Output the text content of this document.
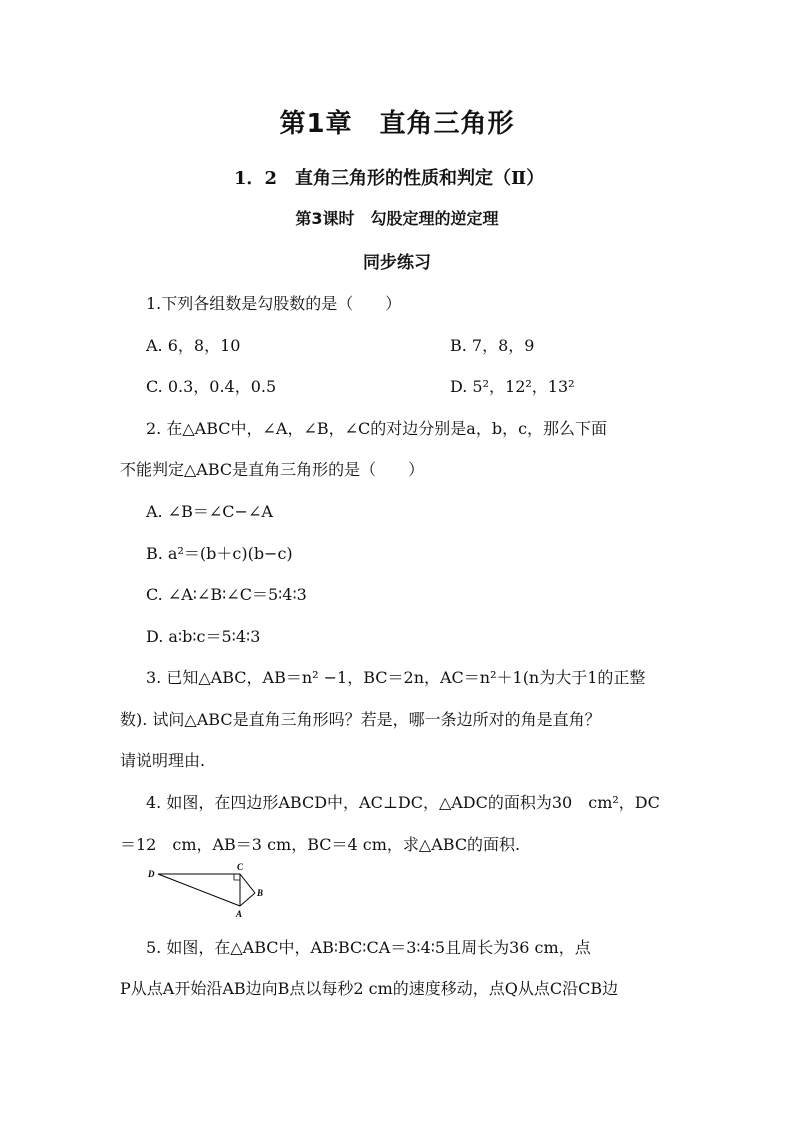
第1章　直角三角形
1．2　直角三角形的性质和判定（Ⅱ）
第3课时　勾股定理的逆定理
同步练习
1.下列各组数是勾股数的是（　　）
A. 6，8，10	B. 7，8，9
C. 0.3，0.4，0.5	D. 5²，12²，13²
2. 在△ABC中，∠A，∠B，∠C的对边分别是a，b，c，那么下面
不能判定△ABC是直角三角形的是（　　）
A. ∠B＝∠C−∠A
B. a²＝(b＋c)(b−c)
C. ∠A∶∠B∶∠C＝5∶4∶3
D. a∶b∶c＝5∶4∶3
3. 已知△ABC，AB＝n² −1，BC＝2n，AC＝n²＋1(n为大于1的正整
数). 试问△ABC是直角三角形吗？若是，哪一条边所对的角是直角？
请说明理由.
4. 如图，在四边形ABCD中，AC⊥DC，△ADC的面积为30　cm²，DC
＝12　cm，AB＝3 cm，BC＝4 cm，求△ABC的面积.
D
C
B
A
5. 如图，在△ABC中，AB∶BC∶CA＝3∶4∶5且周长为36 cm，点
P从点A开始沿AB边向B点以每秒2 cm的速度移动，点Q从点C沿CB边
